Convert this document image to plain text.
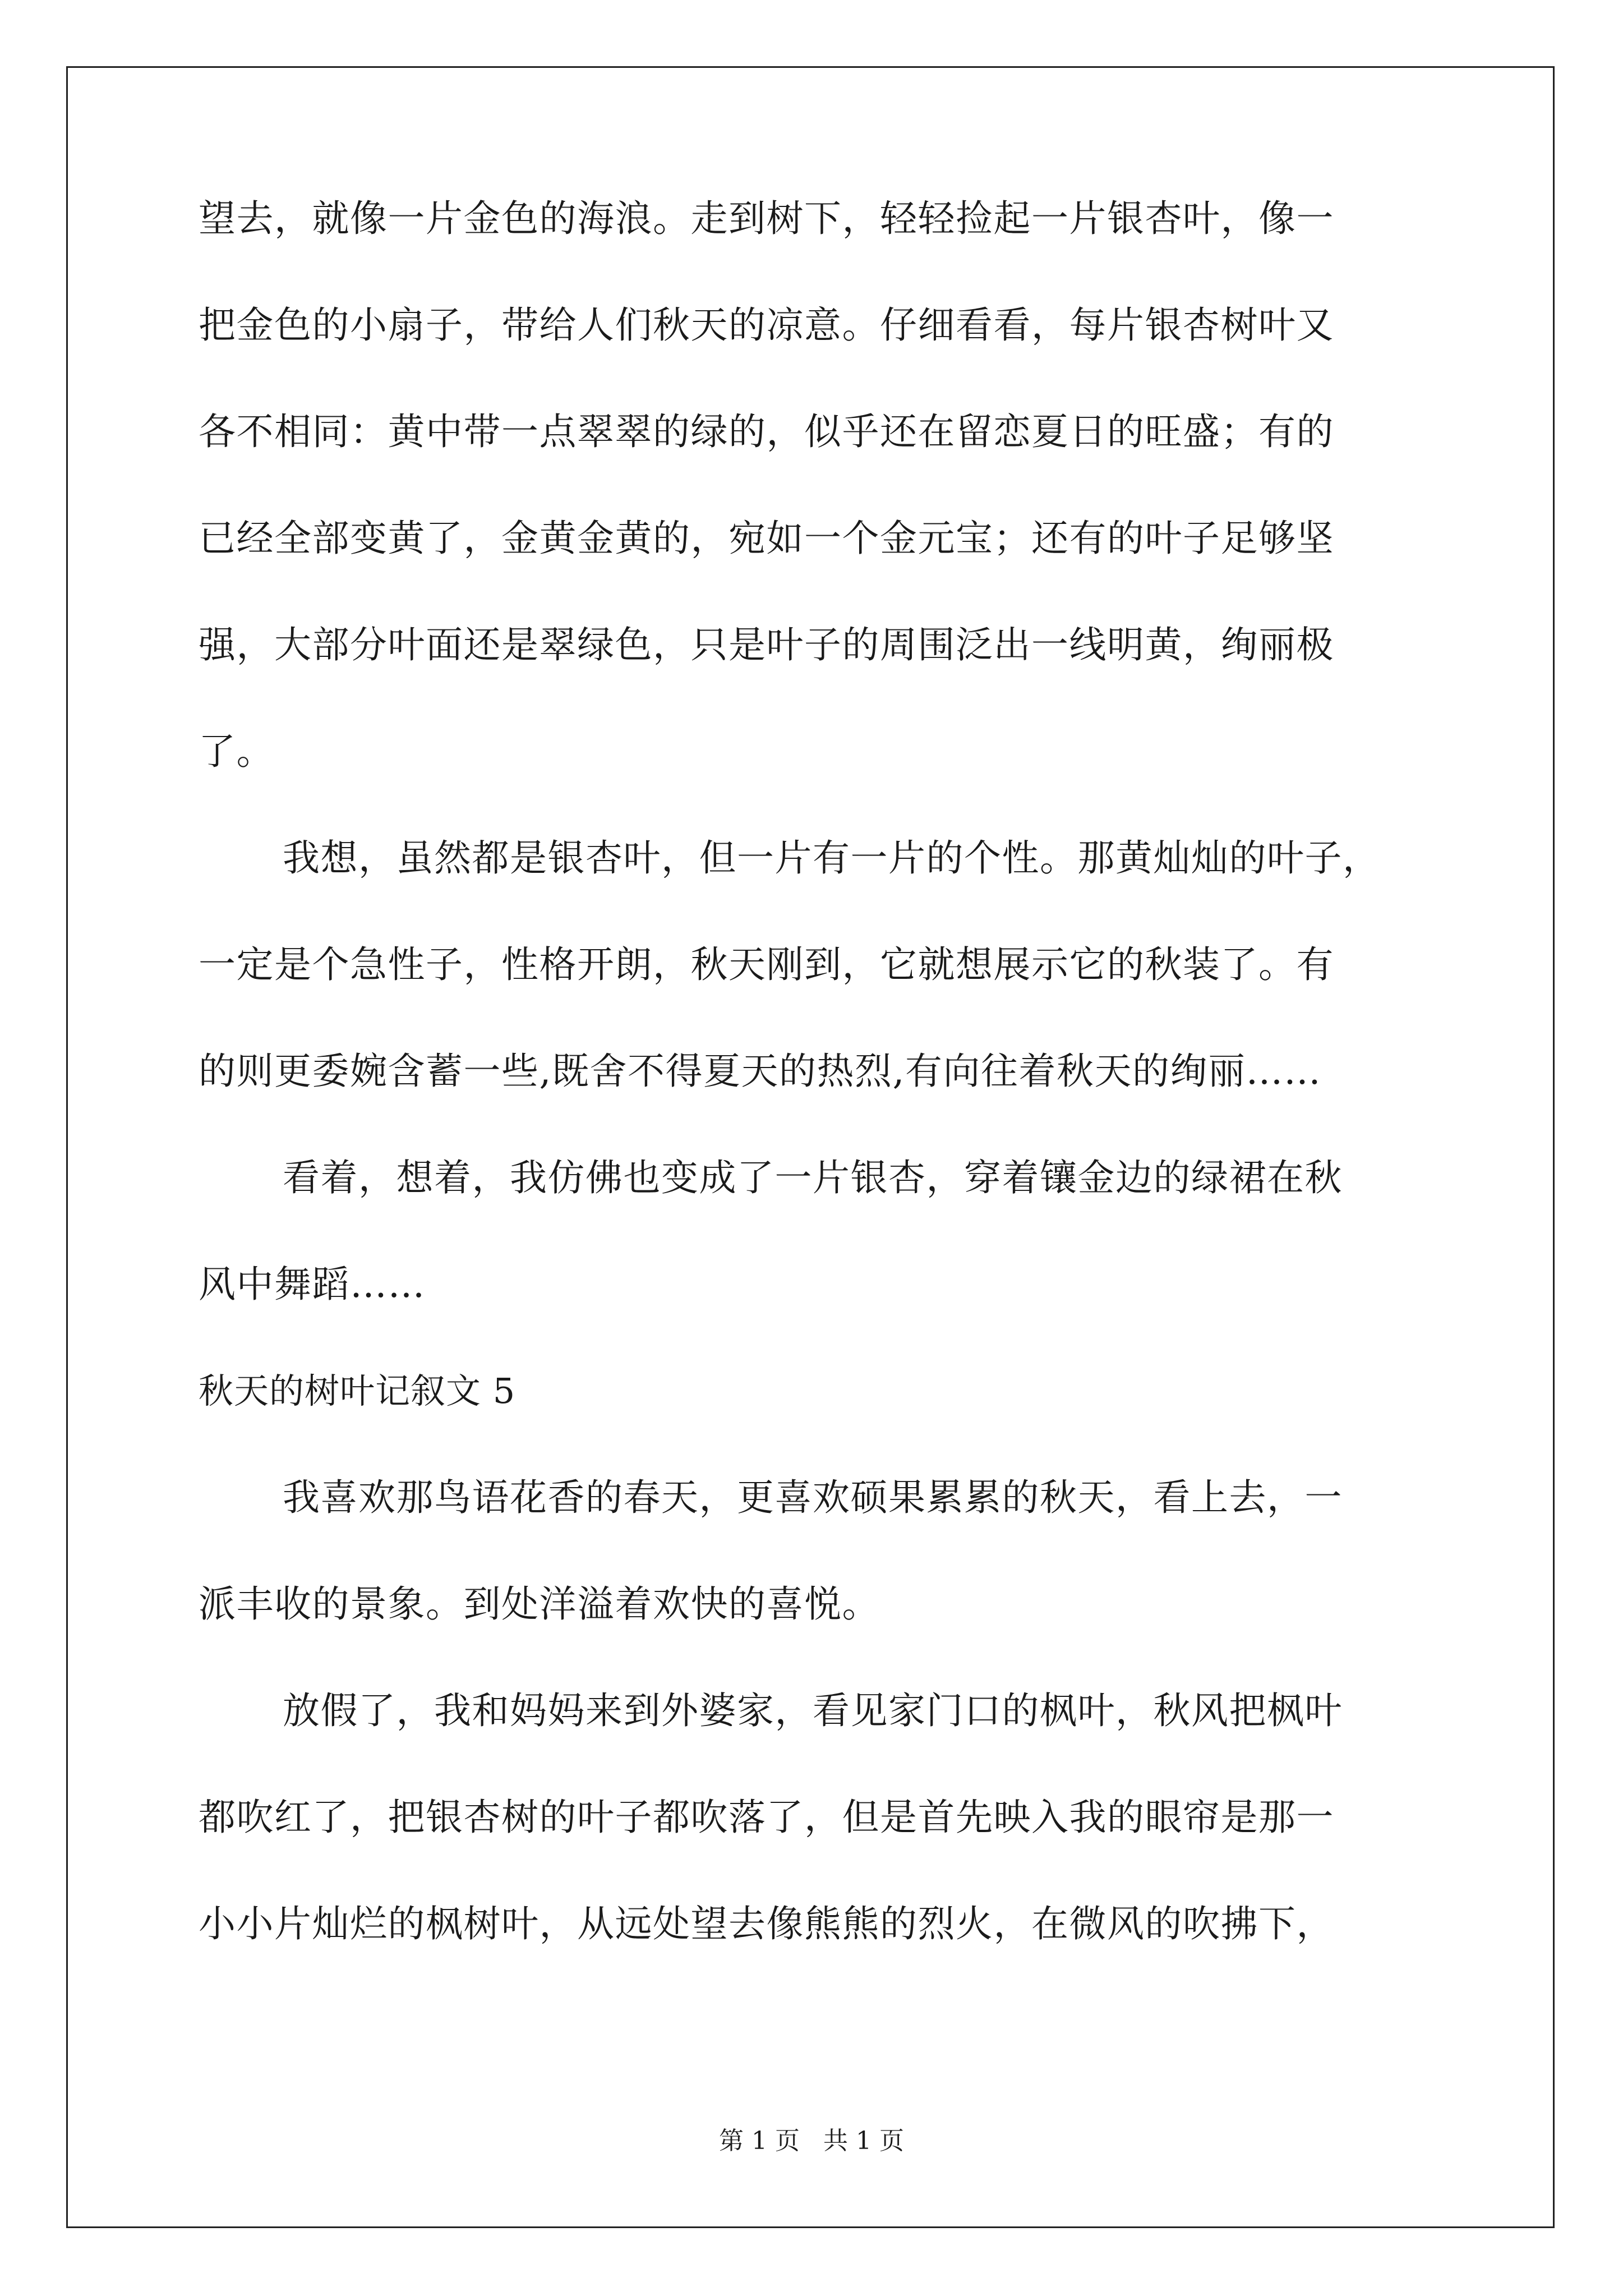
望去，就像一片金色的海浪。走到树下，轻轻捡起一片银杏叶，像一
把金色的小扇子，带给人们秋天的凉意。仔细看看，每片银杏树叶又
各不相同：黄中带一点翠翠的绿的，似乎还在留恋夏日的旺盛；有的
已经全部变黄了，金黄金黄的，宛如一个金元宝；还有的叶子足够坚
强，大部分叶面还是翠绿色，只是叶子的周围泛出一线明黄，绚丽极
了。
我想，虽然都是银杏叶，但一片有一片的个性。那黄灿灿的叶子，
一定是个急性子，性格开朗，秋天刚到，它就想展示它的秋装了。有
的则更委婉含蓄一些,既舍不得夏天的热烈,有向往着秋天的绚丽……
看着，想着，我仿佛也变成了一片银杏，穿着镶金边的绿裙在秋
风中舞蹈……
秋天的树叶记叙文 5
我喜欢那鸟语花香的春天，更喜欢硕果累累的秋天，看上去，一
派丰收的景象。到处洋溢着欢快的喜悦。
放假了，我和妈妈来到外婆家，看见家门口的枫叶，秋风把枫叶
都吹红了，把银杏树的叶子都吹落了，但是首先映入我的眼帘是那一
小小片灿烂的枫树叶，从远处望去像熊熊的烈火，在微风的吹拂下，
第 1 页   共 1 页
